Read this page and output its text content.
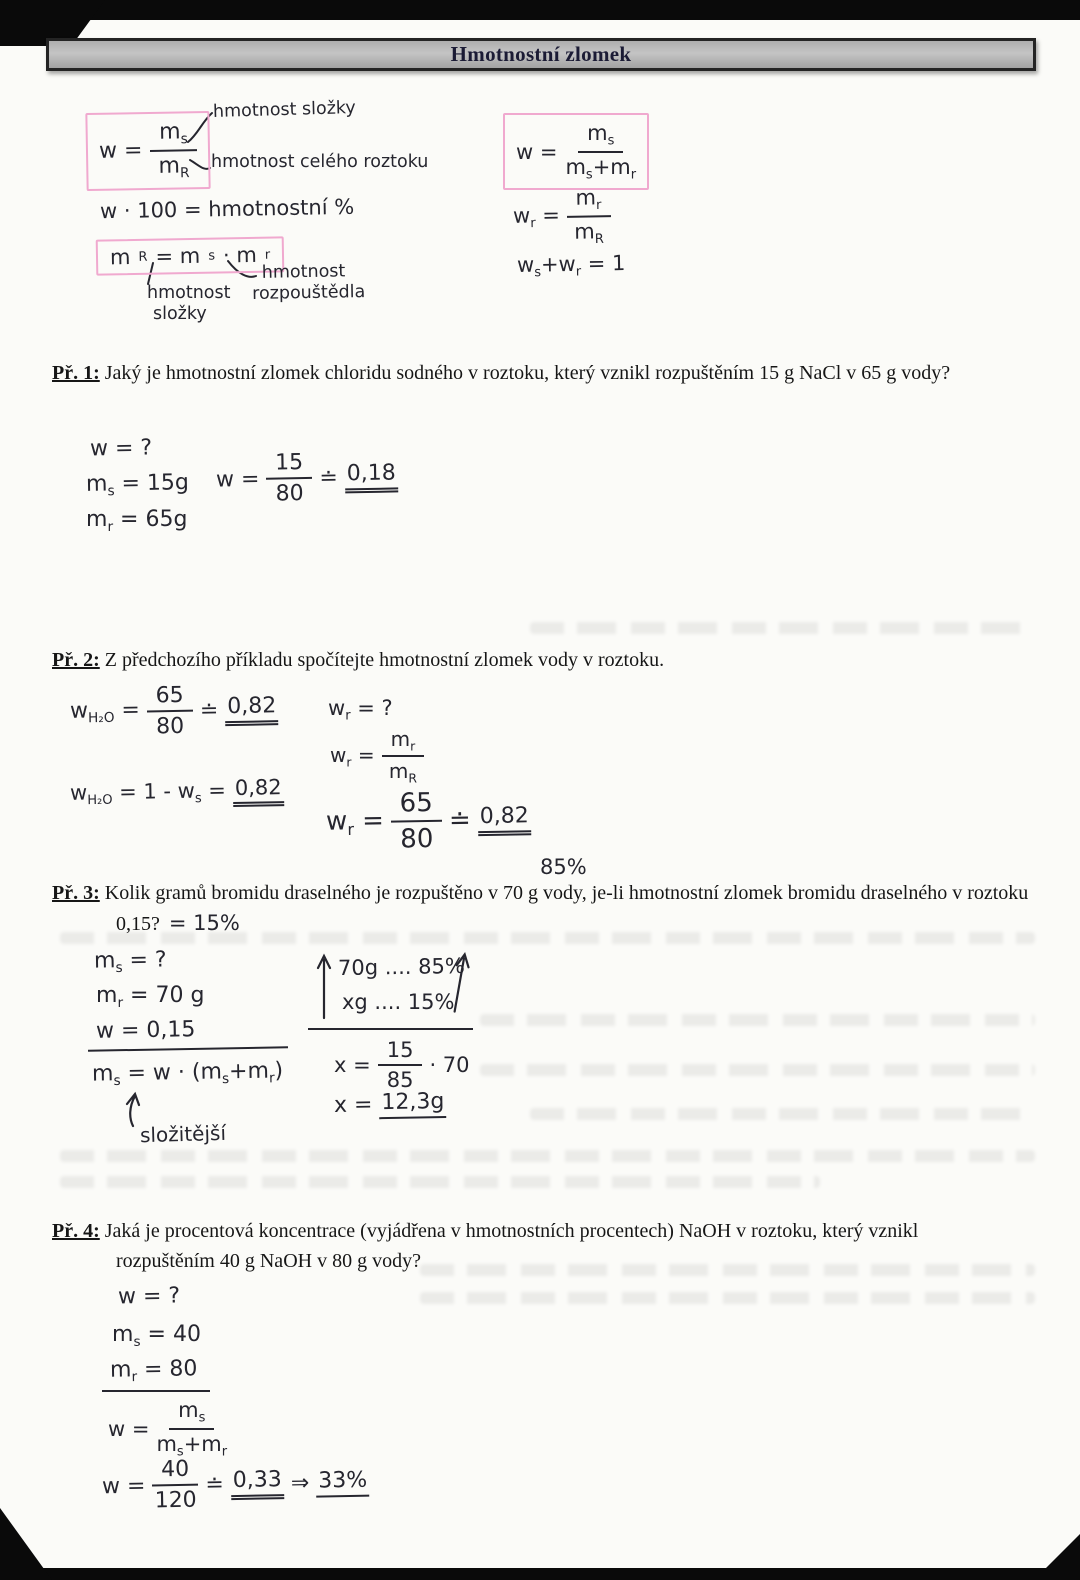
Hmotnostní zlomek
$w = \frac{m_s}{m_R}$
hmotnost složky
hmotnost celého roztoku
w · 100 = hmotnostní %
m R = m s · m r
hmotnost
složky
hmotnost
rozpouštědla
$w = \frac{m_s}{m_s+m_r}$
$w_r = \frac{m_r}{m_R}$
$w_s+w_r = 1$
Př. 1: Jaký je hmotnostní zlomek chloridu sodného v roztoku, který vznikl rozpuštěním 15 g NaCl v 65 g vody?
w = ?
$m_s = 15g$
$m_r = 65g$
$w = \frac{15}{80}$ ≐ 0,18
Př. 2: Z předchozího příkladu spočítejte hmotnostní zlomek vody v roztoku.
$w_{H_2O} = \frac{65}{80}$ ≐ 0,82 $w_r$ = ?
$w_r = \frac{m_r}{m_R}$
$w_{H_2O} = 1 - w_s = 0,82$
$w_r = \frac{65}{80}$ ≐ 0,82
85%
Př. 3: Kolik gramů bromidu draselného je rozpuštěno v 70 g vody, je-li hmotnostní zlomek bromidu draselného v roztoku 0,15? = 15%
$m_s$ = ?
$m_r = 70$ g
w = 0,15
$m_s = w \cdot (m_s+m_r)$
složitější
70g .... 85%
xg .... 15%
$x = \frac{15}{85} \cdot 70$
x = 12,3g
Př. 4: Jaká je procentová koncentrace (vyjádřena v hmotnostních procentech) NaOH v roztoku, který vznikl rozpuštěním 40 g NaOH v 80 g vody?
w = ?
$m_s = 40$
$m_r = 80$
$w = \frac{m_s}{m_s+m_r}$
$w = \frac{40}{120}$ ≐ 0,33 ⇒ 33%
